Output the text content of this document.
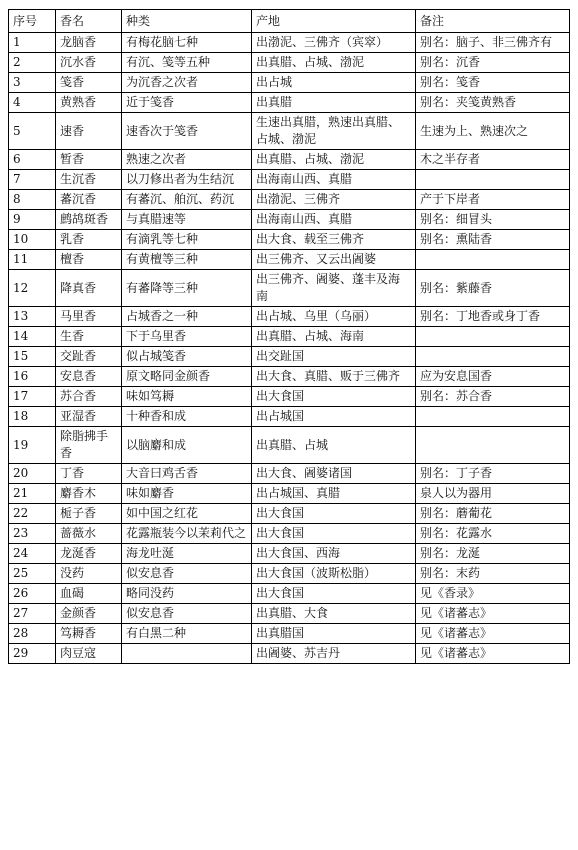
序号	香名	种类	产地	备注
1	龙脑香	有梅花脑七种	出渤泥、三佛齐（宾窣）	别名：脑子、非三佛齐有
2	沉水香	有沉、笺等五种	出真腊、占城、渤泥	别名：沉香
3	笺香	为沉香之次者	出占城	别名：笺香
4	黄熟香	近于笺香	出真腊	别名：夹笺黄熟香
5	速香	速香次于笺香	生速出真腊，熟速出真腊、占城、渤泥	生速为上、熟速次之
6	暂香	熟速之次者	出真腊、占城、渤泥	木之半存者
7	生沉香	以刀修出者为生结沉	出海南山西、真腊	
8	蕃沉香	有蕃沉、舶沉、药沉	出渤泥、三佛齐	产于下岸者
9	鹧鸪斑香	与真腊速等	出海南山西、真腊	别名：细冒头
10	乳香	有滴乳等七种	出大食、载至三佛齐	别名：熏陆香
11	檀香	有黄檀等三种	出三佛齐、又云出阇婆	
12	降真香	有蕃降等三种	出三佛齐、阇婆、蓬丰及海南	别名：紫藤香
13	马里香	占城香之一种	出占城、乌里（乌丽）	别名：丁地香或身丁香
14	生香	下于乌里香	出真腊、占城、海南	
15	交趾香	似占城笺香	出交趾国	
16	安息香	原文略同金颜香	出大食、真腊、贩于三佛齐	应为安息国香
17	苏合香	味如笃耨	出大食国	别名：苏合香
18	亚湿香	十种香和成	出占城国	
19	除脂拂手香	以脑麝和成	出真腊、占城	
20	丁香	大音曰鸡舌香	出大食、阇婆诸国	别名：丁子香
21	麝香木	味如麝香	出占城国、真腊	泉人以为器用
22	栀子香	如中国之红花	出大食国	别名：蘑葡花
23	蔷薇水	花露瓶装今以茉莉代之	出大食国	别名：花露水
24	龙涎香	海龙吐涎	出大食国、西海	别名：龙涎
25	没药	似安息香	出大食国（波斯松脂）	别名：末药
26	血碣	略同没药	出大食国	见《香录》
27	金颜香	似安息香	出真腊、大食	见《诸蕃志》
28	笃耨香	有白黑二种	出真腊国	见《诸蕃志》
29	肉豆寇		出阇婆、苏吉丹	见《诸蕃志》
